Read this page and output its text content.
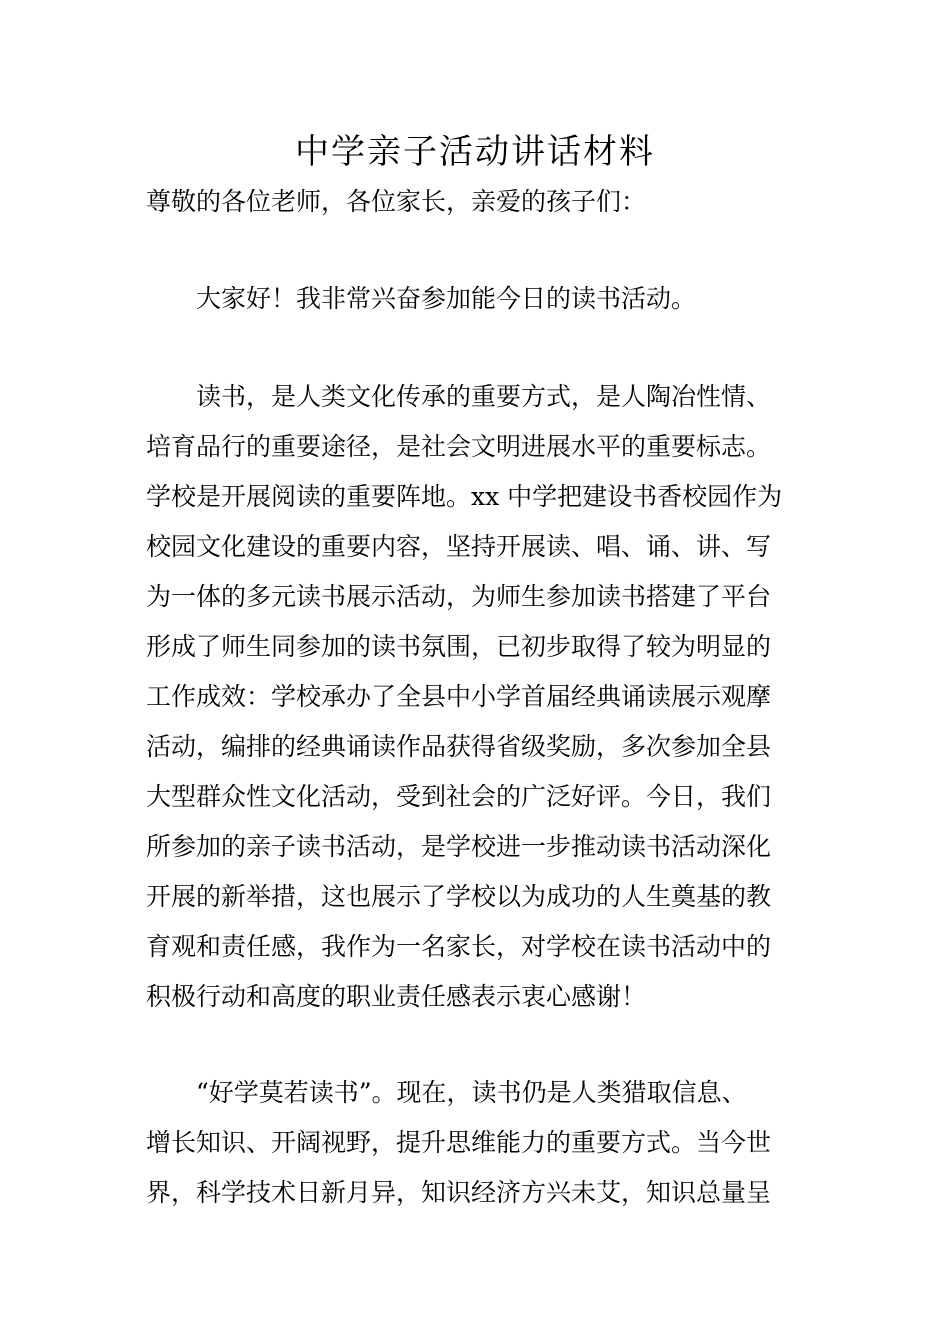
中学亲子活动讲话材料

尊敬的各位老师，各位家长，亲爱的孩子们：

大家好！我非常兴奋参加能今日的读书活动。

读书，是人类文化传承的重要方式，是人陶冶性情、
培育品行的重要途径，是社会文明进展水平的重要标志。
学校是开展阅读的重要阵地。xx 中学把建设书香校园作为
校园文化建设的重要内容，坚持开展读、唱、诵、讲、写
为一体的多元读书展示活动，为师生参加读书搭建了平台
形成了师生同参加的读书氛围，已初步取得了较为明显的
工作成效：学校承办了全县中小学首届经典诵读展示观摩
活动，编排的经典诵读作品获得省级奖励，多次参加全县
大型群众性文化活动，受到社会的广泛好评。今日，我们
所参加的亲子读书活动，是学校进一步推动读书活动深化
开展的新举措，这也展示了学校以为成功的人生奠基的教
育观和责任感，我作为一名家长，对学校在读书活动中的
积极行动和高度的职业责任感表示衷心感谢！
“好学莫若读书”。现在，读书仍是人类猎取信息、
增长知识、开阔视野，提升思维能力的重要方式。当今世
界，科学技术日新月异，知识经济方兴未艾，知识总量呈
